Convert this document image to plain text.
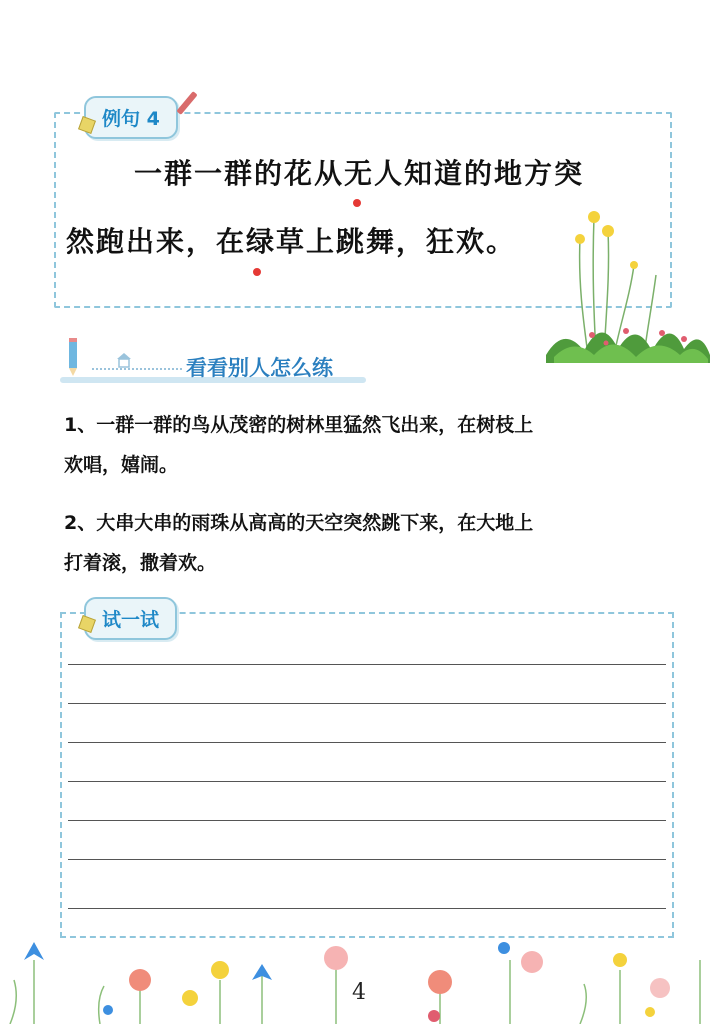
例句 4
一群一群的花从无人知道的地方突
然跑出来，在绿草上跳舞，狂欢。
看看别人怎么练
1、一群一群的鸟从茂密的树林里猛然飞出来，在树枝上
欢唱，嬉闹。
2、大串大串的雨珠从高高的天空突然跳下来，在大地上
打着滚，撒着欢。
试一试
4
